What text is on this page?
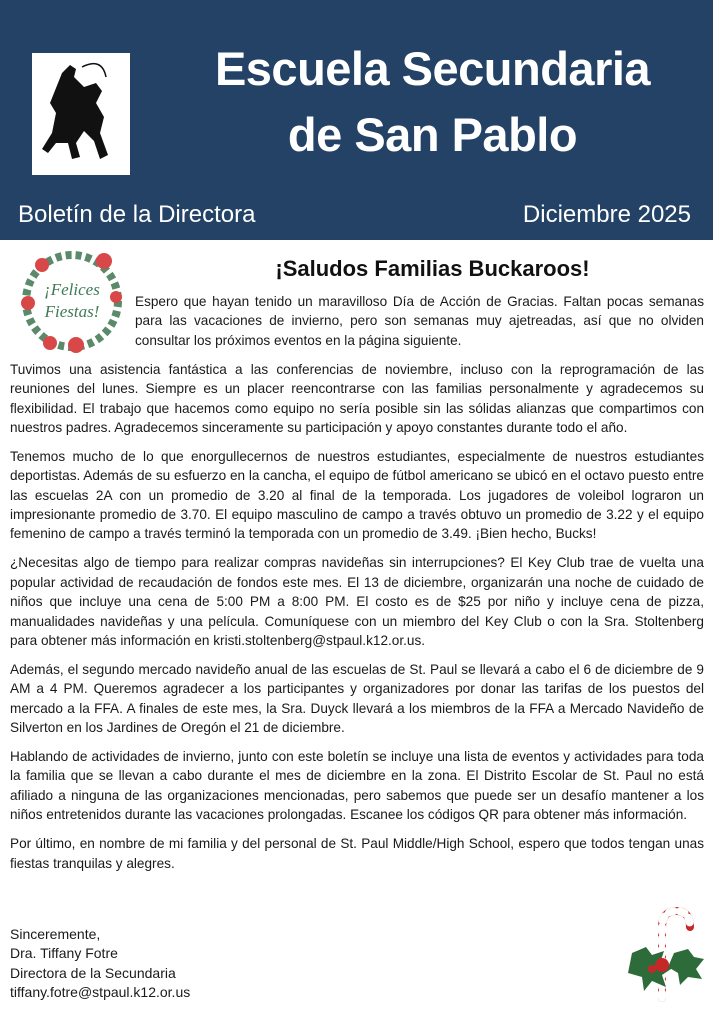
Escuela Secundaria
de San Pablo
Boletín de la Directora	Diciembre 2025
¡Felices
Fiestas!
¡Saludos Familias Buckaroos!

Espero que hayan tenido un maravilloso Día de Acción de Gracias. Faltan pocas semanas para las vacaciones de invierno, pero son semanas muy ajetreadas, así que no olviden consultar los próximos eventos en la página siguiente.

Tuvimos una asistencia fantástica a las conferencias de noviembre, incluso con la reprogramación de las reuniones del lunes. Siempre es un placer reencontrarse con las familias personalmente y agradecemos su flexibilidad. El trabajo que hacemos como equipo no sería posible sin las sólidas alianzas que compartimos con nuestros padres. Agradecemos sinceramente su participación y apoyo constantes durante todo el año.

Tenemos mucho de lo que enorgullecernos de nuestros estudiantes, especialmente de nuestros estudiantes deportistas. Además de su esfuerzo en la cancha, el equipo de fútbol americano se ubicó en el octavo puesto entre las escuelas 2A con un promedio de 3.20 al final de la temporada. Los jugadores de voleibol lograron un impresionante promedio de 3.70. El equipo masculino de campo a través obtuvo un promedio de 3.22 y el equipo femenino de campo a través terminó la temporada con un promedio de 3.49. ¡Bien hecho, Bucks!

¿Necesitas algo de tiempo para realizar compras navideñas sin interrupciones? El Key Club trae de vuelta una popular actividad de recaudación de fondos este mes. El 13 de diciembre, organizarán una noche de cuidado de niños que incluye una cena de 5:00 PM a 8:00 PM. El costo es de $25 por niño y incluye cena de pizza, manualidades navideñas y una película. Comuníquese con un miembro del Key Club o con la Sra. Stoltenberg para obtener más información en kristi.stoltenberg@stpaul.k12.or.us.

Además, el segundo mercado navideño anual de las escuelas de St. Paul se llevará a cabo el 6 de diciembre de 9 AM a 4 PM. Queremos agradecer a los participantes y organizadores por donar las tarifas de los puestos del mercado a la FFA. A finales de este mes, la Sra. Duyck llevará a los miembros de la FFA a Mercado Navideño de Silverton en los Jardines de Oregón el 21 de diciembre.

Hablando de actividades de invierno, junto con este boletín se incluye una lista de eventos y actividades para toda la familia que se llevan a cabo durante el mes de diciembre en la zona. El Distrito Escolar de St. Paul no está afiliado a ninguna de las organizaciones mencionadas, pero sabemos que puede ser un desafío mantener a los niños entretenidos durante las vacaciones prolongadas. Escanee los códigos QR para obtener más información.

Por último, en nombre de mi familia y del personal de St. Paul Middle/High School, espero que todos tengan unas fiestas tranquilas y alegres.

Sinceremente,
Dra. Tiffany Fotre
Directora de la Secundaria
tiffany.fotre@stpaul.k12.or.us
